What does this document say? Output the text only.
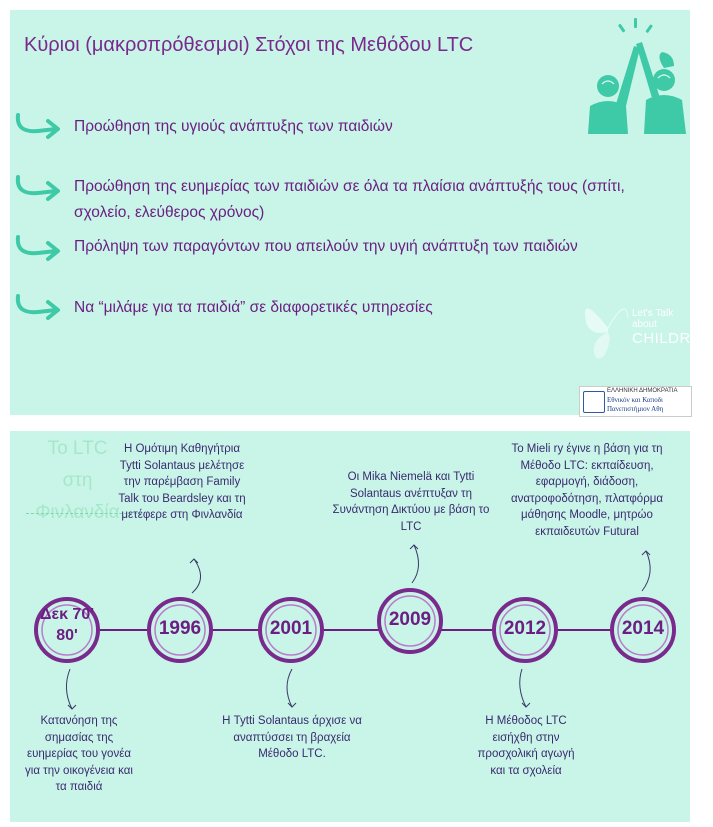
Κύριοι (μακροπρόθεσμοι) Στόχοι της Μεθόδου LTC
Προώθηση της υγιούς ανάπτυξης των παιδιών
Προώθηση της ευημερίας των παιδιών σε όλα τα πλαίσια ανάπτυξής τους (σπίτι, σχολείο, ελεύθερος χρόνος)
Πρόληψη των παραγόντων που απειλούν την υγιή ανάπτυξη των παιδιών
Να “μιλάμε για τα παιδιά” σε διαφορετικές υπηρεσίες	Let's Talk about
CHILDREN
ΕΛΛΗΝΙΚΗ ΔΗΜΟΚΡΑΤΙΑ
Εθνικόν και Καποδι
Πανεπιστήμιον Αθη
Το LTC
στη
Φινλανδία
Δεκ 70'
80'	1996	2001	2009	2012	2014
Κατανόηση της σημασίας της ευημερίας του γονέα για την οικογένεια και τα παιδιά
Η Ομότιμη Καθηγήτρια Tytti Solantaus μελέτησε την παρέμβαση Family Talk του Beardsley και τη μετέφερε στη Φινλανδία
Η Tytti Solantaus άρχισε να αναπτύσσει τη βραχεία Μέθοδο LTC.
Οι Mika Niemelä και Tytti Solantaus ανέπτυξαν τη Συνάντηση Δικτύου με βάση το LTC
Η Μέθοδος LTC εισήχθη στην προσχολική αγωγή και τα σχολεία
Το Mieli ry έγινε η βάση για τη Μέθοδο LTC: εκπαίδευση, εφαρμογή, διάδοση, ανατροφοδότηση, πλατφόρμα μάθησης Moodle, μητρώο εκπαιδευτών Futural
